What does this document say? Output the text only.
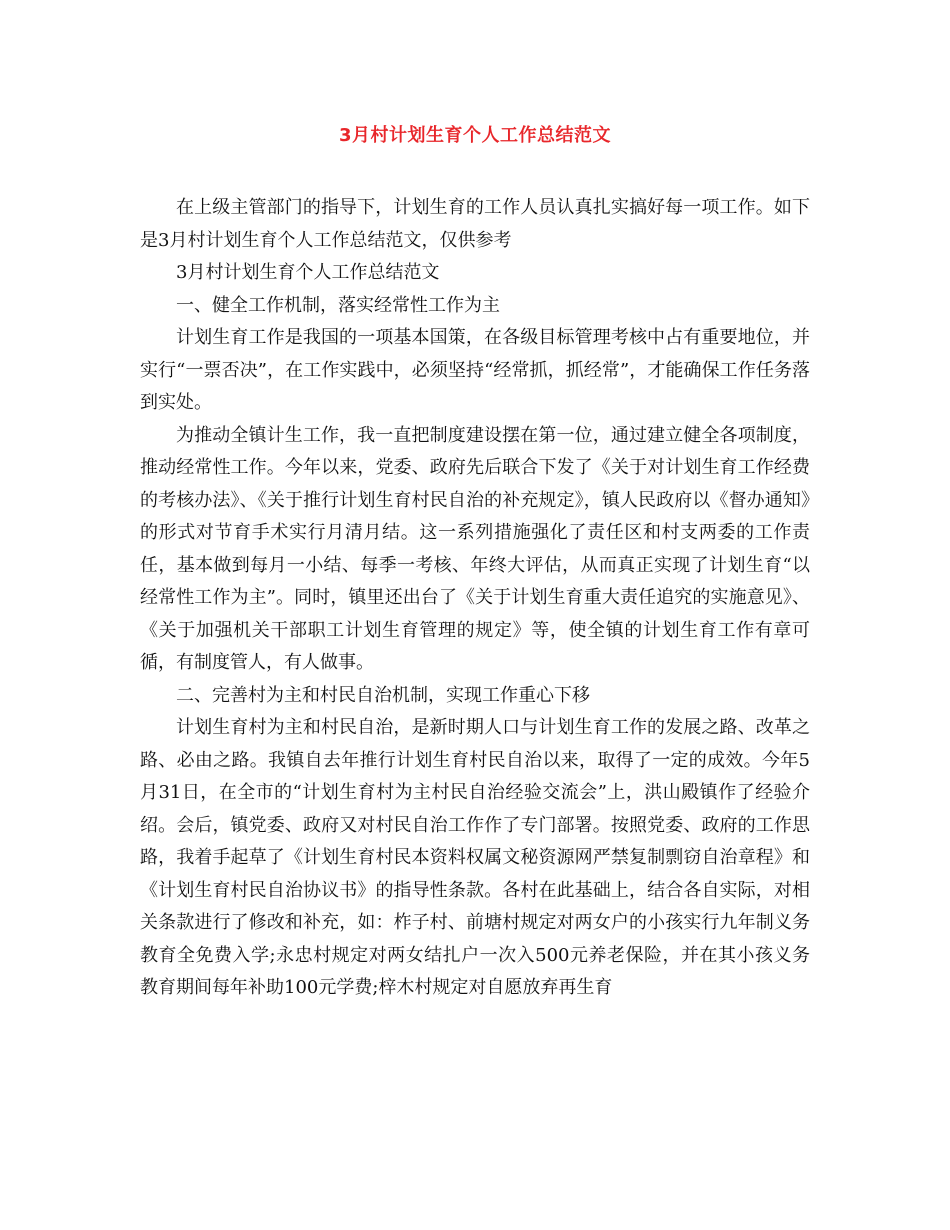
3月村计划生育个人工作总结范文

在上级主管部门的指导下，计划生育的工作人员认真扎实搞好每一项工作。如下是3月村计划生育个人工作总结范文，仅供参考

3月村计划生育个人工作总结范文

一、健全工作机制，落实经常性工作为主

计划生育工作是我国的一项基本国策，在各级目标管理考核中占有重要地位，并实行“一票否决”，在工作实践中，必须坚持“经常抓，抓经常”，才能确保工作任务落到实处。

为推动全镇计生工作，我一直把制度建设摆在第一位，通过建立健全各项制度，推动经常性工作。今年以来，党委、政府先后联合下发了《关于对计划生育工作经费的考核办法》、《关于推行计划生育村民自治的补充规定》，镇人民政府以《督办通知》的形式对节育手术实行月清月结。这一系列措施强化了责任区和村支两委的工作责任，基本做到每月一小结、每季一考核、年终大评估，从而真正实现了计划生育“以经常性工作为主”。同时，镇里还出台了《关于计划生育重大责任追究的实施意见》、《关于加强机关干部职工计划生育管理的规定》等，使全镇的计划生育工作有章可循，有制度管人，有人做事。

二、完善村为主和村民自治机制，实现工作重心下移

计划生育村为主和村民自治，是新时期人口与计划生育工作的发展之路、改革之路、必由之路。我镇自去年推行计划生育村民自治以来，取得了一定的成效。今年5月31日，在全市的“计划生育村为主村民自治经验交流会”上，洪山殿镇作了经验介绍。会后，镇党委、政府又对村民自治工作作了专门部署。按照党委、政府的工作思路，我着手起草了《计划生育村民本资料权属文秘资源网严禁复制剽窃自治章程》和《计划生育村民自治协议书》的指导性条款。各村在此基础上，结合各自实际，对相关条款进行了修改和补充，如：柞子村、前塘村规定对两女户的小孩实行九年制义务教育全免费入学;永忠村规定对两女结扎户一次入500元养老保险，并在其小孩义务教育期间每年补助100元学费;梓木村规定对自愿放弃再生育
